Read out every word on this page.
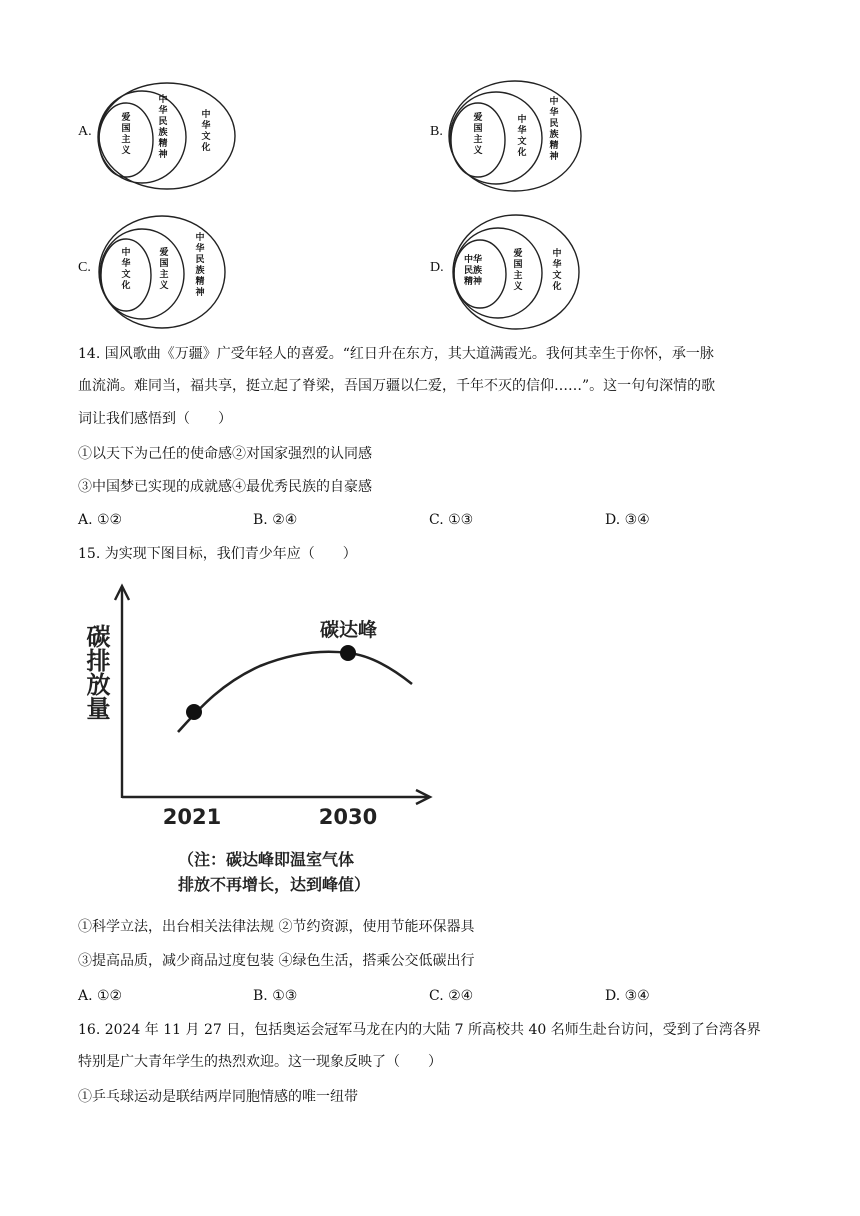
A.
爱国主义
中华民族精神
中华文化
B.
爱国主义
中华文化
中华民族精神
C.
中华文化
爱国主义
中华民族精神
D. 中华民族精神
爱国主义
中华文化
14. 国风歌曲《万疆》广受年轻人的喜爱。“红日升在东方，其大道满霞光。我何其幸生于你怀，承一脉
血流淌。难同当，福共享，挺立起了脊梁，吾国万疆以仁爱，千年不灭的信仰……”。这一句句深情的歌
词让我们感悟到（　　）
①以天下为己任的使命感②对国家强烈的认同感
③中国梦已实现的成就感④最优秀民族的自豪感
A. ①②	B. ②④	C. ①③	D. ③④
15. 为实现下图目标，我们青少年应（　　）
碳排放量	碳达峰
2021	2030
（注：碳达峰即温室气体
排放不再增长，达到峰值）
①科学立法，出台相关法律法规 ②节约资源，使用节能环保器具
③提高品质，减少商品过度包装 ④绿色生活，搭乘公交低碳出行
A. ①②	B. ①③	C. ②④	D. ③④
16. 2024 年 11 月 27 日，包括奥运会冠军马龙在内的大陆 7 所高校共 40 名师生赴台访问，受到了台湾各界
特别是广大青年学生的热烈欢迎。这一现象反映了（　　）
①乒乓球运动是联结两岸同胞情感的唯一纽带
